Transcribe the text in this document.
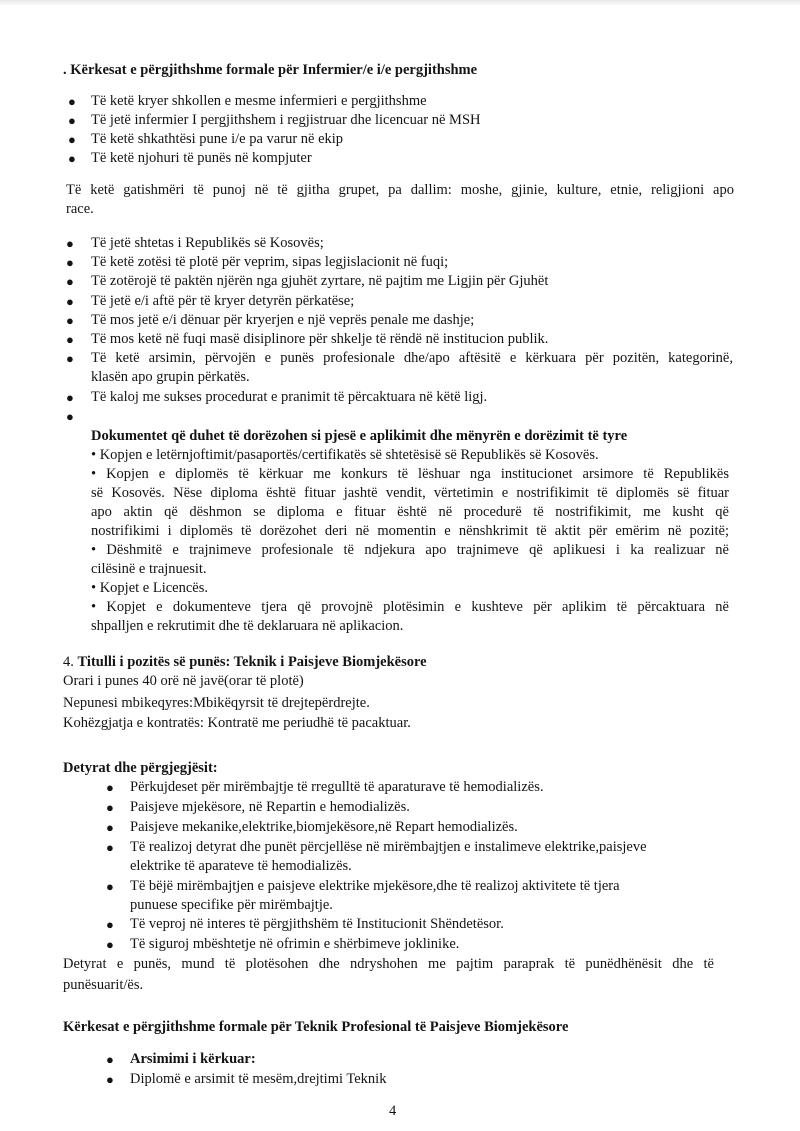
. Kërkesat e përgjithshme formale për Infermier/e i/e pergjithshme
● Të ketë kryer shkollen e mesme infermieri e pergjithshme
● Të jetë infermier I pergjithshem i regjistruar dhe licencuar në MSH
● Të ketë shkathtësi pune i/e pa varur në ekip
● Të ketë njohuri të punës në kompjuter
Të ketë gatishmëri të punoj në të gjitha grupet, pa dallim: moshe, gjinie, kulture, etnie, religjioni apo
race.
● Të jetë shtetas i Republikës së Kosovës;
● Të ketë zotësi të plotë për veprim, sipas legjislacionit në fuqi;
● Të zotërojë të paktën njërën nga gjuhët zyrtare, në pajtim me Ligjin për Gjuhët
● Të jetë e/i aftë për të kryer detyrën përkatëse;
● Të mos jetë e/i dënuar për kryerjen e një veprës penale me dashje;
● Të mos ketë në fuqi masë disiplinore për shkelje të rëndë në institucion publik.
● Të ketë arsimin, përvojën e punës profesionale dhe/apo aftësitë e kërkuara për pozitën, kategorinë,
klasën apo grupin përkatës.
● Të kaloj me sukses procedurat e pranimit të përcaktuara në këtë ligj.
●
Dokumentet që duhet të dorëzohen si pjesë e aplikimit dhe mënyrën e dorëzimit të tyre
• Kopjen e letërnjoftimit/pasaportës/certifikatës së shtetësisë së Republikës së Kosovës.
• Kopjen e diplomës të kërkuar me konkurs të lëshuar nga institucionet arsimore të Republikës
së Kosovës. Nëse diploma është fituar jashtë vendit, vërtetimin e nostrifikimit të diplomës së fituar
apo aktin që dëshmon se diploma e fituar është në procedurë të nostrifikimit, me kusht që
nostrifikimi i diplomës të dorëzohet deri në momentin e nënshkrimit të aktit për emërim në pozitë;
• Dëshmitë e trajnimeve profesionale të ndjekura apo trajnimeve që aplikuesi i ka realizuar në
cilësinë e trajnuesit.
• Kopjet e Licencës.
• Kopjet e dokumenteve tjera që provojnë plotësimin e kushteve për aplikim të përcaktuara në
shpalljen e rekrutimit dhe të deklaruara në aplikacion.
4. Titulli i pozitës së punës: Teknik i Paisjeve Biomjekësore
Orari i punes 40 orë në javë(orar të plotë)
Nepunesi mbikeqyres:Mbikëqyrsit të drejtepërdrejte.
Kohëzgjatja e kontratës: Kontratë me periudhë të pacaktuar.
Detyrat dhe përgjegjësit:
● Përkujdeset për mirëmbajtje të rregulltë të aparaturave të hemodializës.
● Paisjeve mjekësore, në Repartin e hemodializës.
● Paisjeve mekanike,elektrike,biomjekësore,në Repart hemodializës.
● Të realizoj detyrat dhe punët përcjellëse në mirëmbajtjen e instalimeve elektrike,paisjeve
elektrike të aparateve të hemodializës.
● Të bëjë mirëmbajtjen e paisjeve elektrike mjekësore,dhe të realizoj aktivitete të tjera
punuese specifike për mirëmbajtje.
● Të veproj në interes të përgjithshëm të Institucionit Shëndetësor.
● Të siguroj mbështetje në ofrimin e shërbimeve joklinike.
Detyrat e punës, mund të plotësohen dhe ndryshohen me pajtim paraprak të punëdhënësit dhe të
punësuarit/ës.
Kërkesat e përgjithshme formale për Teknik Profesional të Paisjeve Biomjekësore
● Arsimimi i kërkuar:
● Diplomë e arsimit të mesëm,drejtimi Teknik
4
